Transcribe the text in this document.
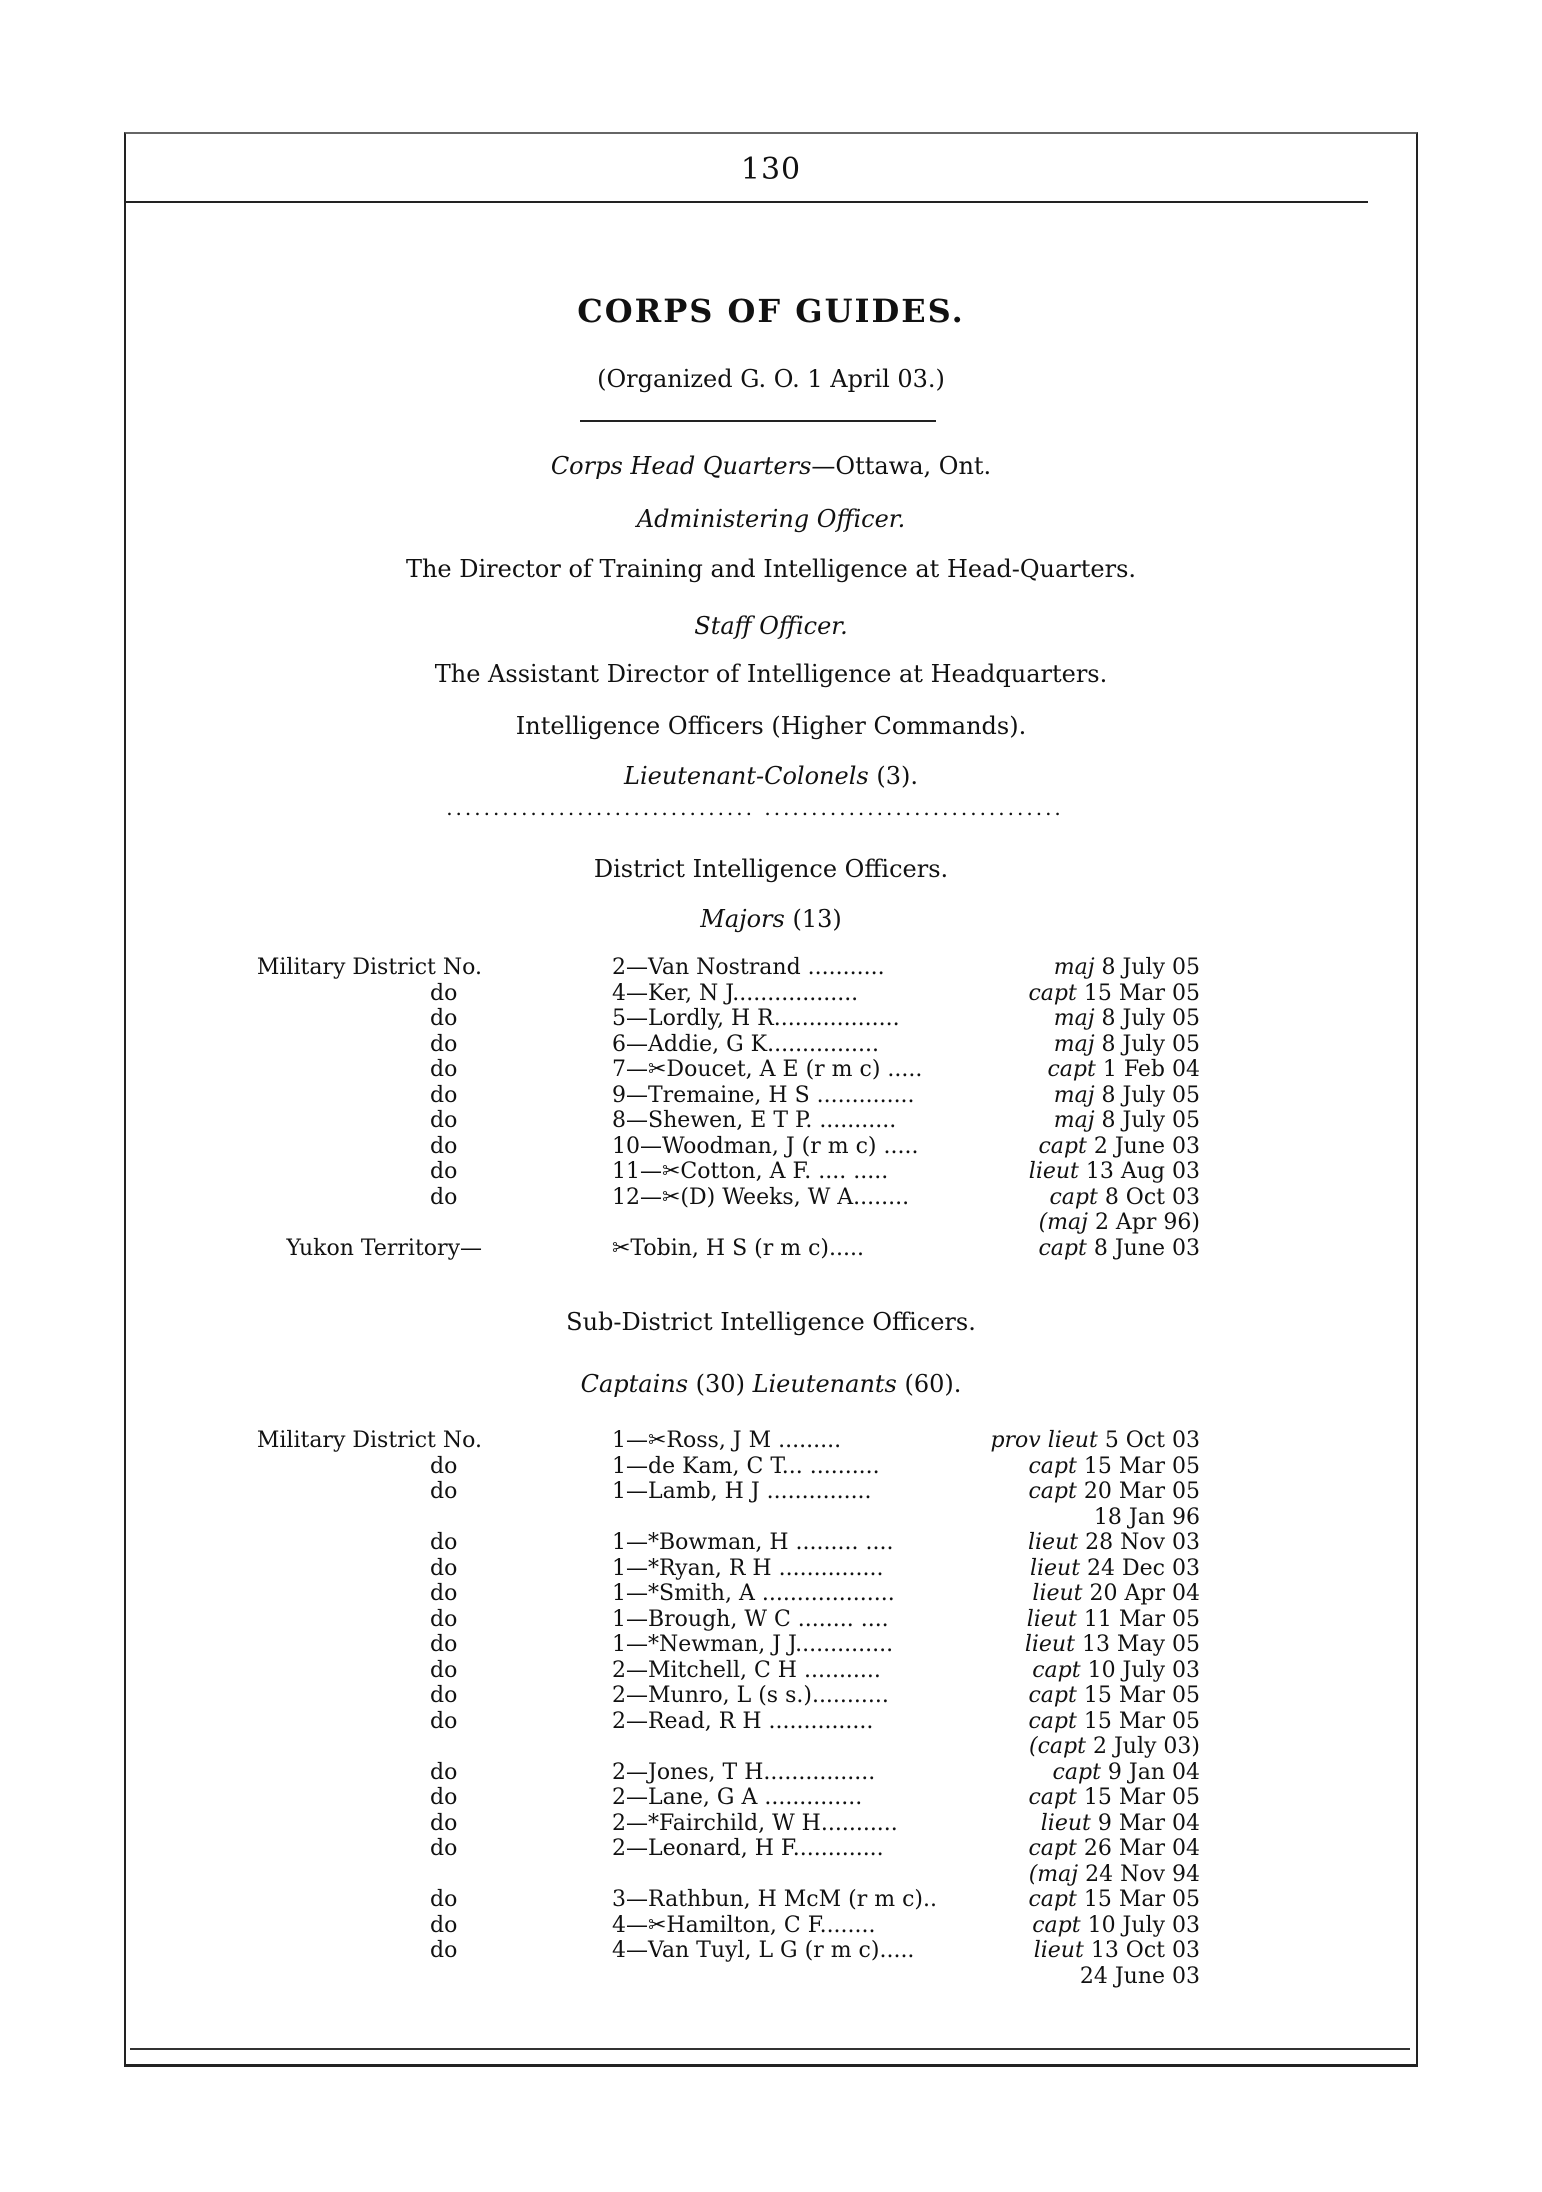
130
CORPS OF GUIDES.
(Organized G. O. 1 April 03.)
Corps Head Quarters—Ottawa, Ont.
Administering Officer.
The Director of Training and Intelligence at Head-Quarters.
Staff Officer.
The Assistant Director of Intelligence at Headquarters.
Intelligence Officers (Higher Commands).
Lieutenant-Colonels (3).
................................. ................................
District Intelligence Officers.
Majors (13)
Military District No.	2—Van Nostrand ...........	maj 8 July 05
do	4—Ker, N J..................	capt 15 Mar 05
do	5—Lordly, H R..................	maj 8 July 05
do	6—Addie, G K................	maj 8 July 05
do	7—✂Doucet, A E (r m c) .....	capt 1 Feb 04
do	9—Tremaine, H S ..............	maj 8 July 05
do	8—Shewen, E T P. ...........	maj 8 July 05
do	10—Woodman, J (r m c) .....	capt 2 June 03
do	11—✂Cotton, A F. .... .....	lieut 13 Aug 03
do	12—✂(D) Weeks, W A........	capt 8 Oct 03
(maj 2 Apr 96)
Yukon Territory—	✂Tobin, H S (r m c).....	capt 8 June 03
Sub-District Intelligence Officers.
Captains (30) Lieutenants (60).
Military District No.	1—✂Ross, J M .........	prov lieut 5 Oct 03
do	1—de Kam, C T... ..........	capt 15 Mar 05
do	1—Lamb, H J ...............	capt 20 Mar 05
18 Jan 96
do	1—*Bowman, H ......... ....	lieut 28 Nov 03
do	1—*Ryan, R H ...............	lieut 24 Dec 03
do	1—*Smith, A ...................	lieut 20 Apr 04
do	1—Brough, W C ........ ....	lieut 11 Mar 05
do	1—*Newman, J J..............	lieut 13 May 05
do	2—Mitchell, C H ...........	capt 10 July 03
do	2—Munro, L (s s.)...........	capt 15 Mar 05
do	2—Read, R H ...............	capt 15 Mar 05
(capt 2 July 03)
do	2—Jones, T H................	capt 9 Jan 04
do	2—Lane, G A ..............	capt 15 Mar 05
do	2—*Fairchild, W H...........	lieut 9 Mar 04
do	2—Leonard, H F.............	capt 26 Mar 04
(maj 24 Nov 94
do	3—Rathbun, H McM (r m c)..	capt 15 Mar 05
do	4—✂Hamilton, C F........	capt 10 July 03
do	4—Van Tuyl, L G (r m c).....	lieut 13 Oct 03
24 June 03
